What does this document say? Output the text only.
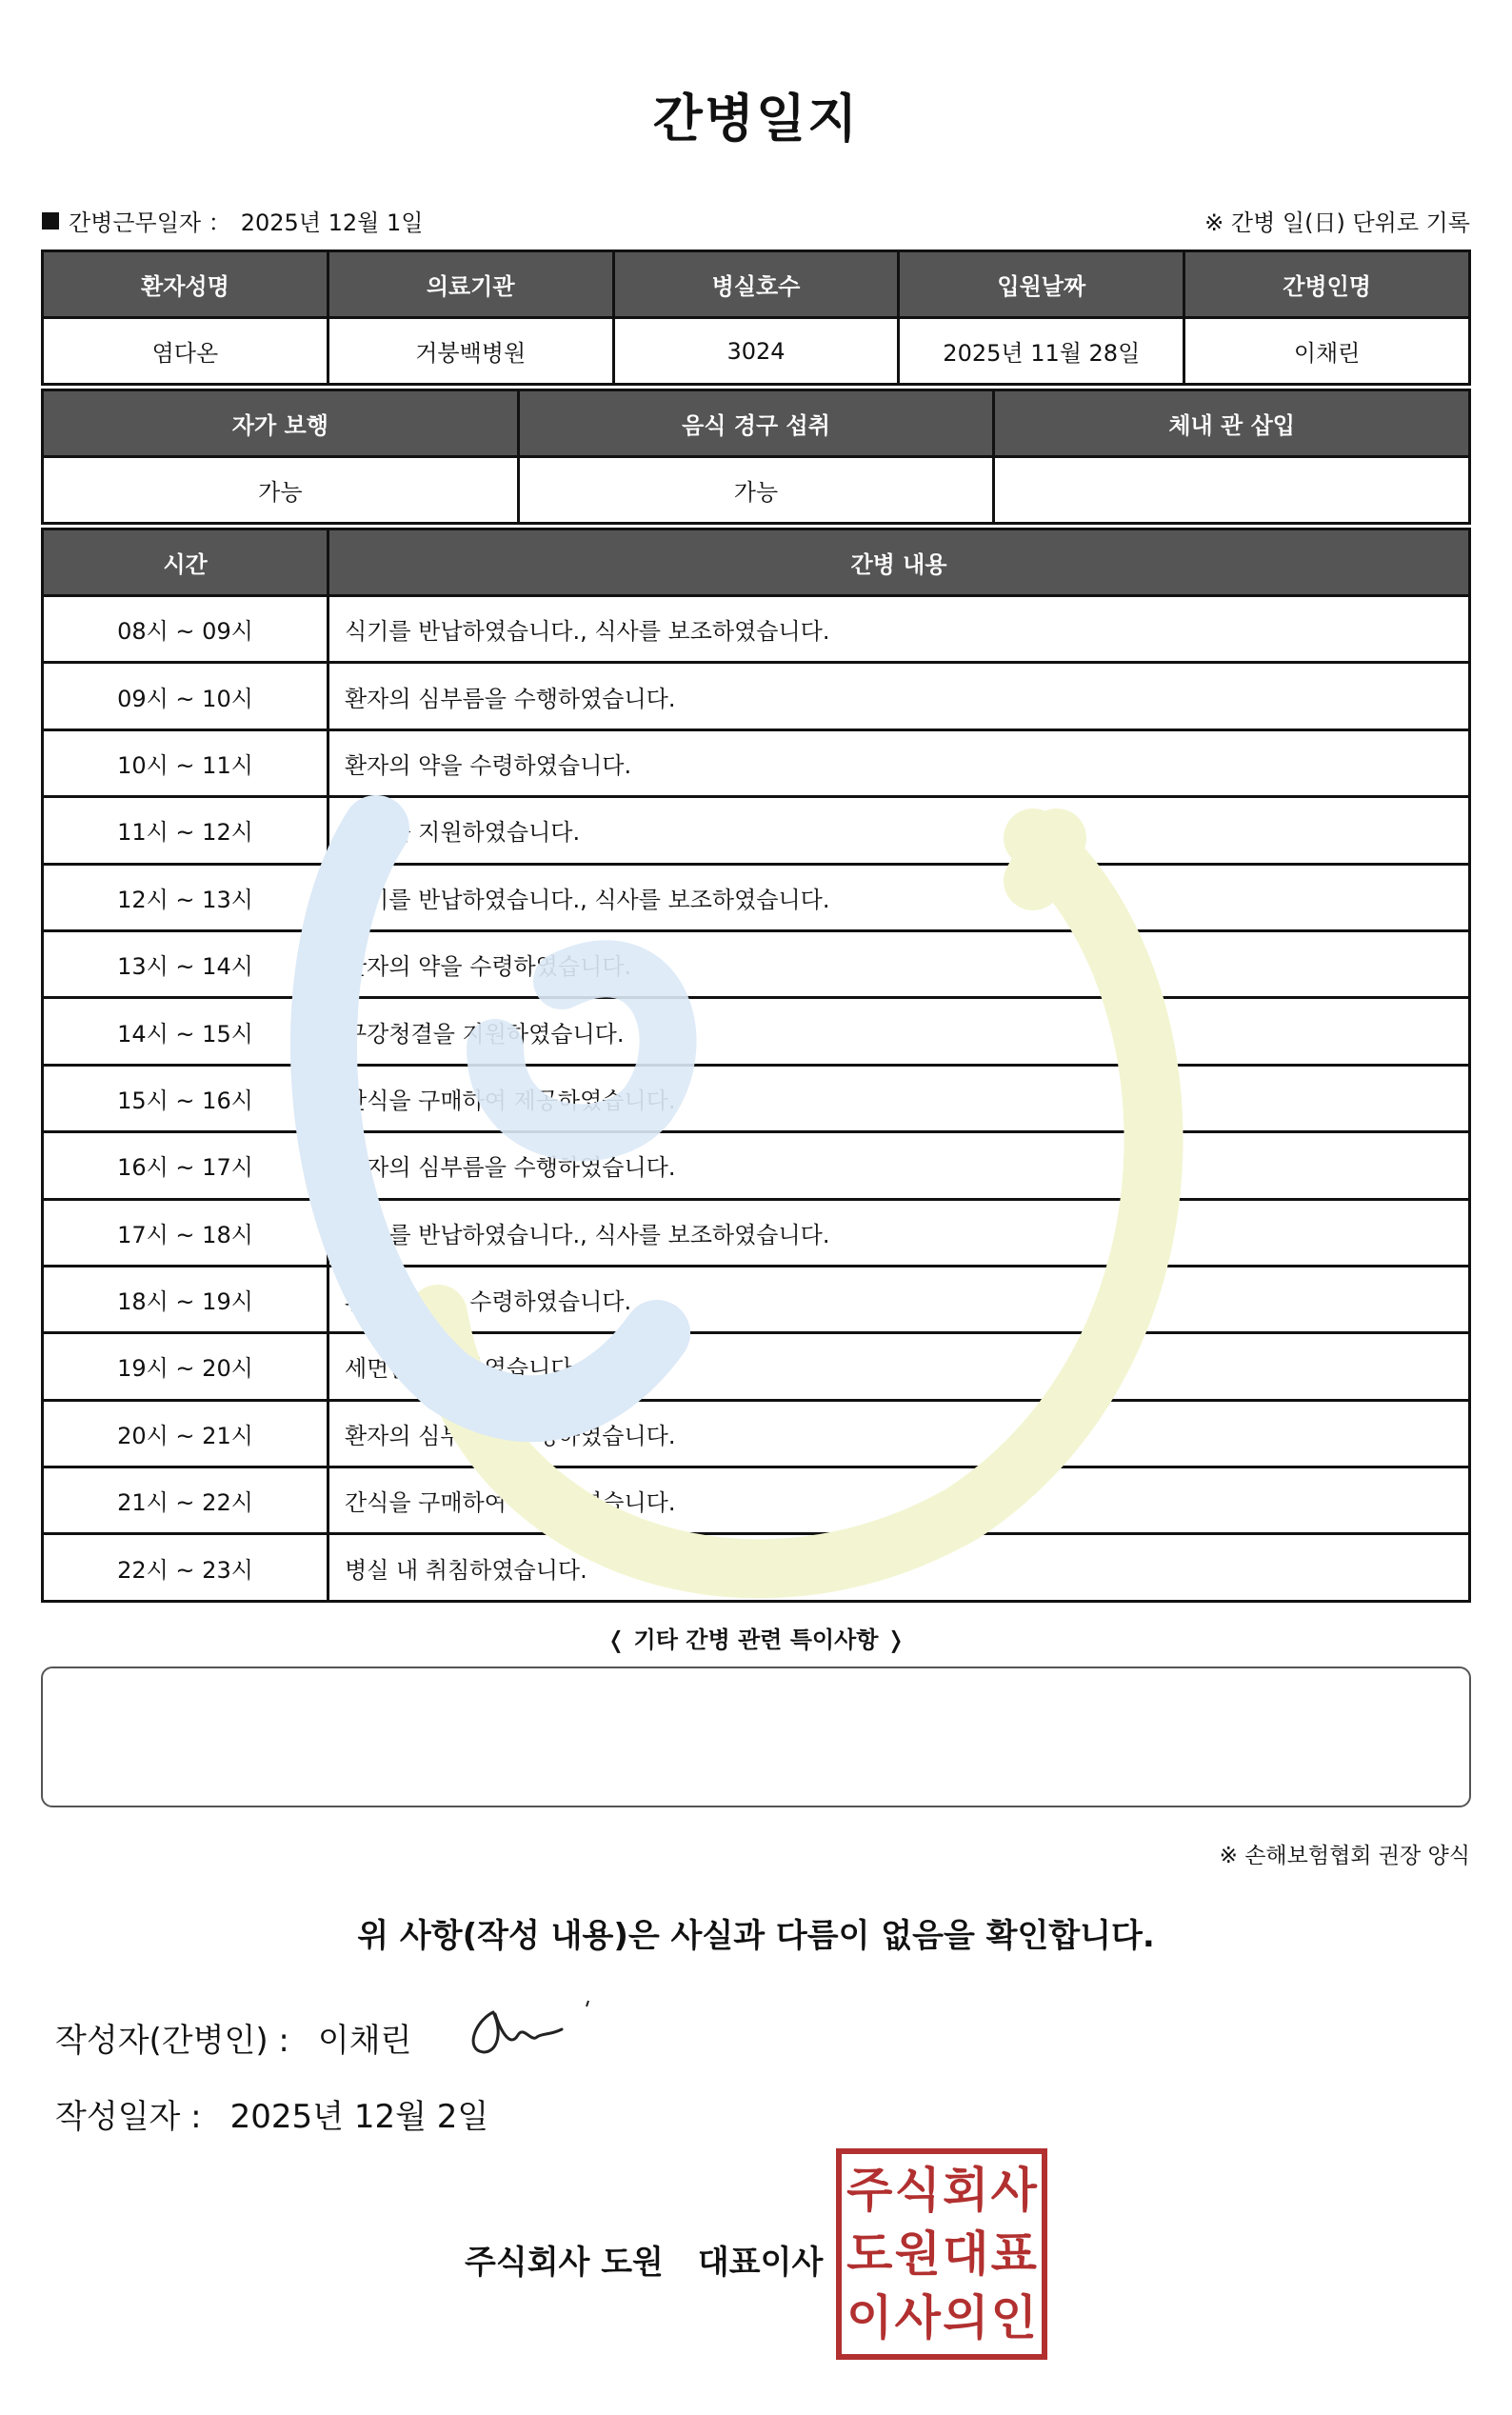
간병일지
간병근무일자 ： 2025년 12월 1일	※ 간병 일(日) 단위로 기록
환자성명	의료기관	병실호수	입원날짜	간병인명
염다온	거붕백병원	3024	2025년 11월 28일	이채린
자가 보행	음식 경구 섭취	체내 관 삽입
가능	가능	
시간	간병 내용
08시 ~ 09시	식기를 반납하였습니다., 식사를 보조하였습니다.
09시 ~ 10시	환자의 심부름을 수행하였습니다.
10시 ~ 11시	환자의 약을 수령하였습니다.
11시 ~ 12시	샤워를 지원하였습니다.
12시 ~ 13시	식기를 반납하였습니다., 식사를 보조하였습니다.
13시 ~ 14시	환자의 약을 수령하였습니다.
14시 ~ 15시	구강청결을 지원하였습니다.
15시 ~ 16시	간식을 구매하여 제공하였습니다.
16시 ~ 17시	환자의 심부름을 수행하였습니다.
17시 ~ 18시	식기를 반납하였습니다., 식사를 보조하였습니다.
18시 ~ 19시	환자의 약을 수령하였습니다.
19시 ~ 20시	세면을 보조하였습니다.
20시 ~ 21시	환자의 심부름을 수행하였습니다.
21시 ~ 22시	간식을 구매하여 제공하였습니다.
22시 ~ 23시	병실 내 취침하였습니다.
❬ 기타 간병 관련 특이사항 ❭
※ 손해보험협회 권장 양식
위 사항(작성 내용)은 사실과 다름이 없음을 확인합니다.
작성자(간병인) : 이채린
작성일자 : 2025년 12월 2일
주식회사 도원 대표이사
주 식 회 사
도 원 대 표
이 사 의 인
